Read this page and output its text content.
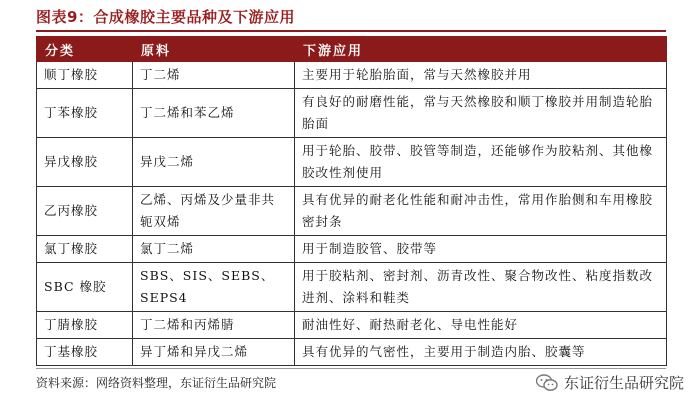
图表9：合成橡胶主要品种及下游应用
分类	原料	下游应用
顺丁橡胶	丁二烯	主要用于轮胎胎面，常与天然橡胶并用
丁苯橡胶	丁二烯和苯乙烯	有良好的耐磨性能，常与天然橡胶和顺丁橡胶并用制造轮胎胎面
异戊橡胶	异戊二烯	用于轮胎、胶带、胶管等制造，还能够作为胶粘剂、其他橡胶改性剂使用
乙丙橡胶	乙烯、丙烯及少量非共轭双烯	具有优异的耐老化性能和耐冲击性，常用作胎侧和车用橡胶密封条
氯丁橡胶	氯丁二烯	用于制造胶管、胶带等
SBC 橡胶	SBS、SIS、SEBS、SEPS4	用于胶粘剂、密封剂、沥青改性、聚合物改性、粘度指数改进剂、涂料和鞋类
丁腈橡胶	丁二烯和丙烯腈	耐油性好、耐热耐老化、导电性能好
丁基橡胶	异丁烯和异戊二烯	具有优异的气密性，主要用于制造内胎、胶囊等
资料来源：网络资料整理，东证衍生品研究院	东证衍生品研究院
